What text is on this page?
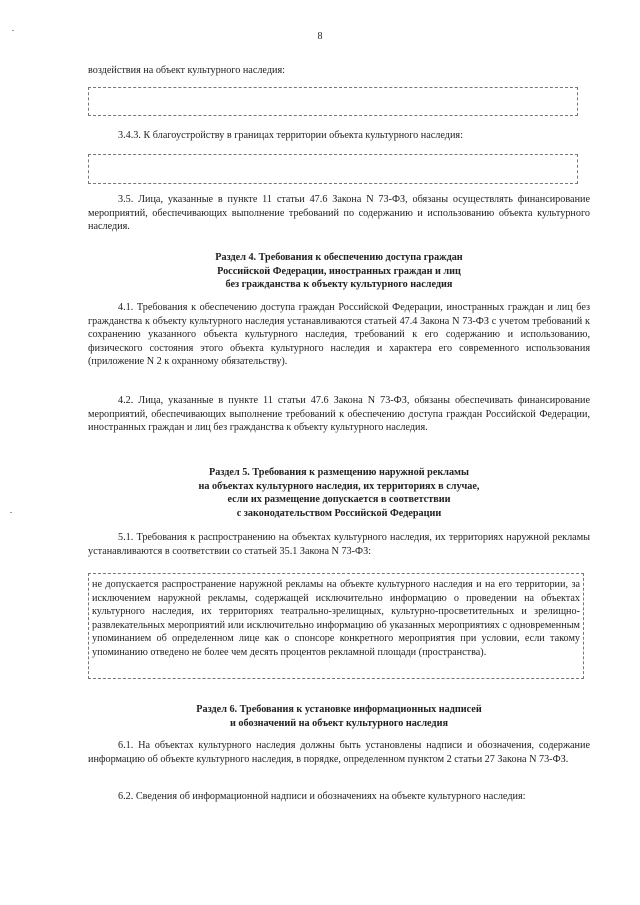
8

воздействия на объект культурного наследия:

3.4.3. К благоустройству в границах территории объекта культурного наследия:

3.5. Лица, указанные в пункте 11 статьи 47.6 Закона N 73-ФЗ, обязаны осуществлять финансирование мероприятий, обеспечивающих выполнение требований по содержанию и использованию объекта культурного наследия.

Раздел 4. Требования к обеспечению доступа граждан
Российской Федерации, иностранных граждан и лиц
без гражданства к объекту культурного наследия

4.1. Требования к обеспечению доступа граждан Российской Федерации, иностранных граждан и лиц без гражданства к объекту культурного наследия устанавливаются статьей 47.4 Закона N 73-ФЗ с учетом требований к сохранению указанного объекта культурного наследия, требований к его содержанию и использованию, физического состояния этого объекта культурного наследия и характера его современного использования (приложение N 2 к охранному обязательству).

4.2. Лица, указанные в пункте 11 статьи 47.6 Закона N 73-ФЗ, обязаны обеспечивать финансирование мероприятий, обеспечивающих выполнение требований к обеспечению доступа граждан Российской Федерации, иностранных граждан и лиц без гражданства к объекту культурного наследия.

Раздел 5. Требования к размещению наружной рекламы
на объектах культурного наследия, их территориях в случае,
если их размещение допускается в соответствии
с законодательством Российской Федерации

5.1. Требования к распространению на объектах культурного наследия, их территориях наружной рекламы устанавливаются в соответствии со статьей 35.1 Закона N 73-ФЗ:

не допускается распространение наружной рекламы на объекте культурного наследия и на его территории, за исключением наружной рекламы, содержащей исключительно информацию о проведении на объектах культурного наследия, их территориях театрально-зрелищных, культурно-просветительных и зрелищно-развлекательных мероприятий или исключительно информацию об указанных мероприятиях с одновременным упоминанием об определенном лице как о спонсоре конкретного мероприятия при условии, если такому упоминанию отведено не более чем десять процентов рекламной площади (пространства).

Раздел 6. Требования к установке информационных надписей
и обозначений на объект культурного наследия

6.1. На объектах культурного наследия должны быть установлены надписи и обозначения, содержание информацию об объекте культурного наследия, в порядке, определенном пунктом 2 статьи 27 Закона N 73-ФЗ.

6.2. Сведения об информационной надписи и обозначениях на объекте культурного наследия:
